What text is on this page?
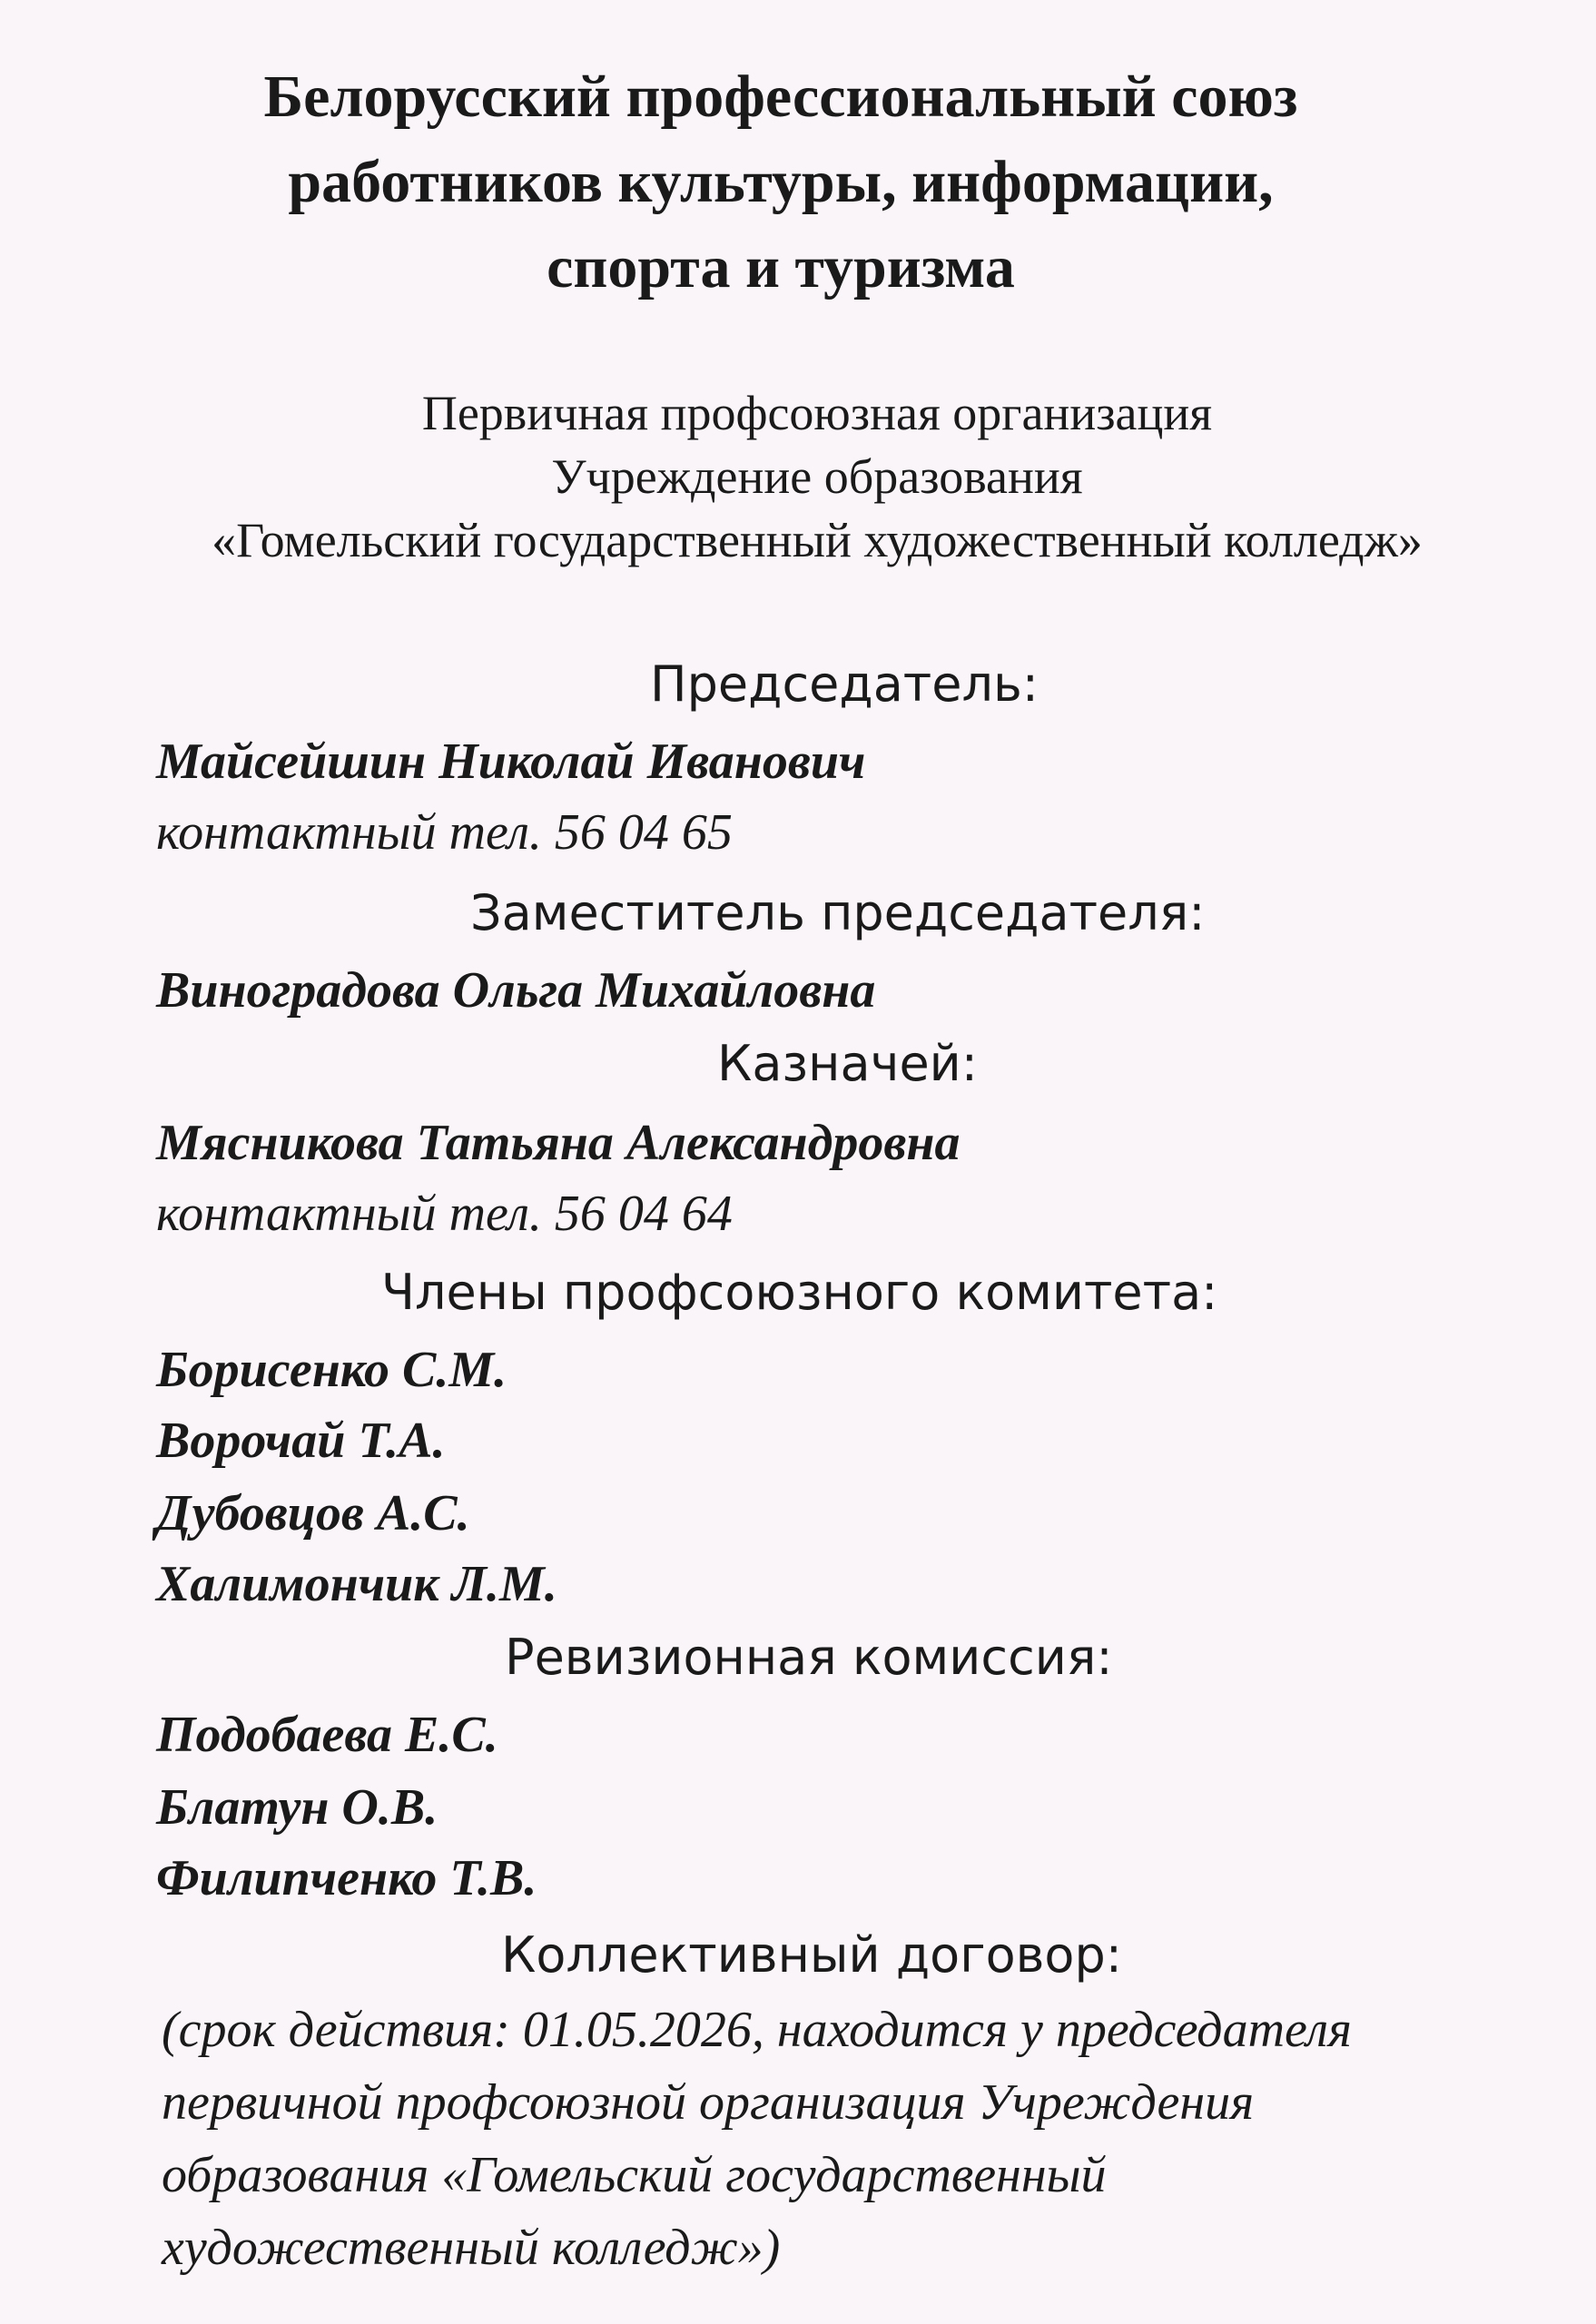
Белорусский профессиональный союз
работников культуры, информации,
спорта и туризма
Первичная профсоюзная организация
Учреждение образования
«Гомельский государственный художественный колледж»
Председатель:
Майсейшин Николай Иванович
контактный тел. 56 04 65
Заместитель председателя:
Виноградова Ольга Михайловна
Казначей:
Мясникова Татьяна Александровна
контактный тел. 56 04 64
Члены профсоюзного комитета:
Борисенко С.М.
Ворочай Т.А.
Дубовцов А.С.
Халимончик Л.М.
Ревизионная комиссия:
Подобаева Е.С.
Блатун О.В.
Филипченко Т.В.
Коллективный договор:
(срок действия: 01.05.2026, находится у председателя
первичной профсоюзной организация Учреждения
образования «Гомельский государственный
художественный колледж»)
